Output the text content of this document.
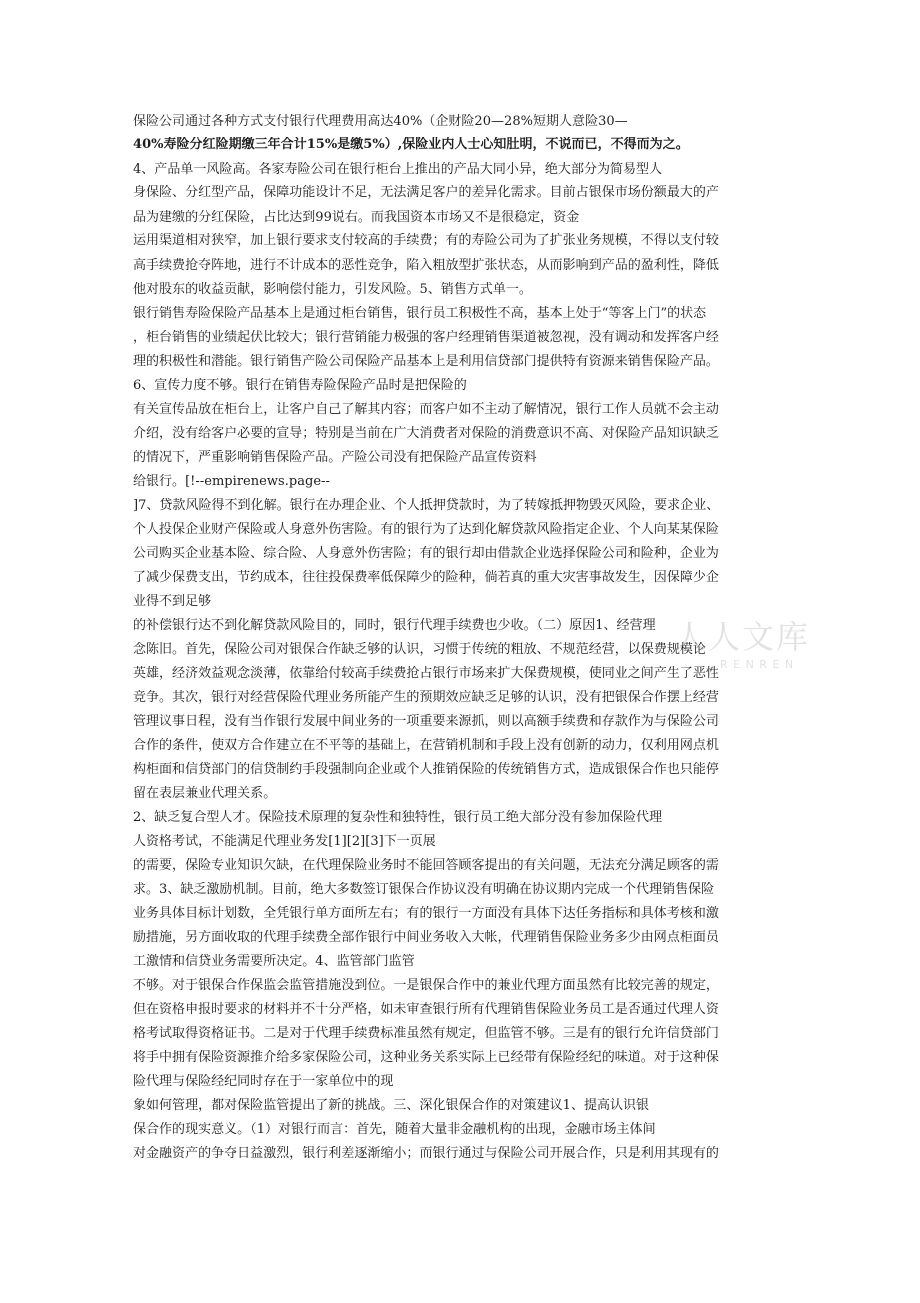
保险公司通过各种方式支付银行代理费用高达40%（企财险20—28%短期人意险30—
40%寿险分红险期缴三年合计15%是缴5%）,保险业内人士心知肚明，不说而已，不得而为之。
4、产品单一风险高。各家寿险公司在银行柜台上推出的产品大同小异，绝大部分为简易型人
身保险、分红型产品，保障功能设计不足，无法满足客户的差异化需求。目前占银保市场份额最大的产
品为建缴的分红保险，占比达到99说右。而我国资本市场又不是很稳定，资金
运用渠道相对狭窄，加上银行要求支付较高的手续费；有的寿险公司为了扩张业务规模，不得以支付较
高手续费抢夺阵地，进行不计成本的恶性竞争，陷入粗放型扩张状态，从而影响到产品的盈利性，降低
他对股东的收益贡献，影响偿付能力，引发风险。5、销售方式单一。
银行销售寿险保险产品基本上是通过柜台销售，银行员工积极性不高，基本上处于“等客上门”的状态
，柜台销售的业绩起伏比较大；银行营销能力极强的客户经理销售渠道被忽视，没有调动和发挥客户经
理的积极性和潜能。银行销售产险公司保险产品基本上是利用信贷部门提供特有资源来销售保险产品。
6、宣传力度不够。银行在销售寿险保险产品时是把保险的
有关宣传品放在柜台上，让客户自己了解其内容；而客户如不主动了解情况，银行工作人员就不会主动
介绍，没有给客户必要的宣导；特别是当前在广大消费者对保险的消费意识不高、对保险产品知识缺乏
的情况下，严重影响销售保险产品。产险公司没有把保险产品宣传资料
给银行。[!--empirenews.page--
]7、贷款风险得不到化解。银行在办理企业、个人抵押贷款时，为了转嫁抵押物毁灭风险，要求企业、
个人投保企业财产保险或人身意外伤害险。有的银行为了达到化解贷款风险指定企业、个人向某某保险
公司购买企业基本险、综合险、人身意外伤害险；有的银行却由借款企业选择保险公司和险种，企业为
了减少保费支出，节约成本，往往投保费率低保障少的险种，倘若真的重大灾害事故发生，因保障少企
业得不到足够
的补偿银行达不到化解贷款风险目的，同时，银行代理手续费也少收。（二）原因1、经营理
念陈旧。首先，保险公司对银保合作缺乏够的认识，习惯于传统的粗放、不规范经营，以保费规模论
英雄，经济效益观念淡薄，依靠给付较高手续费抢占银行市场来扩大保费规模，使同业之间产生了恶性
竞争。其次，银行对经营保险代理业务所能产生的预期效应缺乏足够的认识，没有把银保合作摆上经营
管理议事日程，没有当作银行发展中间业务的一项重要来源抓，则以高额手续费和存款作为与保险公司
合作的条件，使双方合作建立在不平等的基础上，在营销机制和手段上没有创新的动力，仅利用网点机
构柜面和信贷部门的信贷制约手段强制向企业或个人推销保险的传统销售方式，造成银保合作也只能停
留在表层兼业代理关系。
2、缺乏复合型人才。保险技术原理的复杂性和独特性，银行员工绝大部分没有参加保险代理
人资格考试，不能满足代理业务发[1][2][3]下一页展
的需要，保险专业知识欠缺，在代理保险业务时不能回答顾客提出的有关问题，无法充分满足顾客的需
求。3、缺乏激励机制。目前，绝大多数签订银保合作协议没有明确在协议期内完成一个代理销售保险
业务具体目标计划数，全凭银行单方面所左右；有的银行一方面没有具体下达任务指标和具体考核和激
励措施，另方面收取的代理手续费全部作银行中间业务收入大帐，代理销售保险业务多少由网点柜面员
工激情和信贷业务需要所决定。4、监管部门监管
不够。对于银保合作保监会监管措施没到位。一是银保合作中的兼业代理方面虽然有比较完善的规定，
但在资格申报时要求的材料并不十分严格，如未审查银行所有代理销售保险业务员工是否通过代理人资
格考试取得资格证书。二是对于代理手续费标准虽然有规定，但监管不够。三是有的银行允许信贷部门
将手中拥有保险资源推介给多家保险公司，这种业务关系实际上已经带有保险经纪的味道。对于这种保
险代理与保险经纪同时存在于一家单位中的现
象如何管理，都对保险监管提出了新的挑战。三、深化银保合作的对策建议1、提高认识银
保合作的现实意义。（1）对银行而言：首先，随着大量非金融机构的出现，金融市场主体间
对金融资产的争夺日益激烈，银行利差逐渐缩小；而银行通过与保险公司开展合作，只是利用其现有的
人人文库
R E N R E N
